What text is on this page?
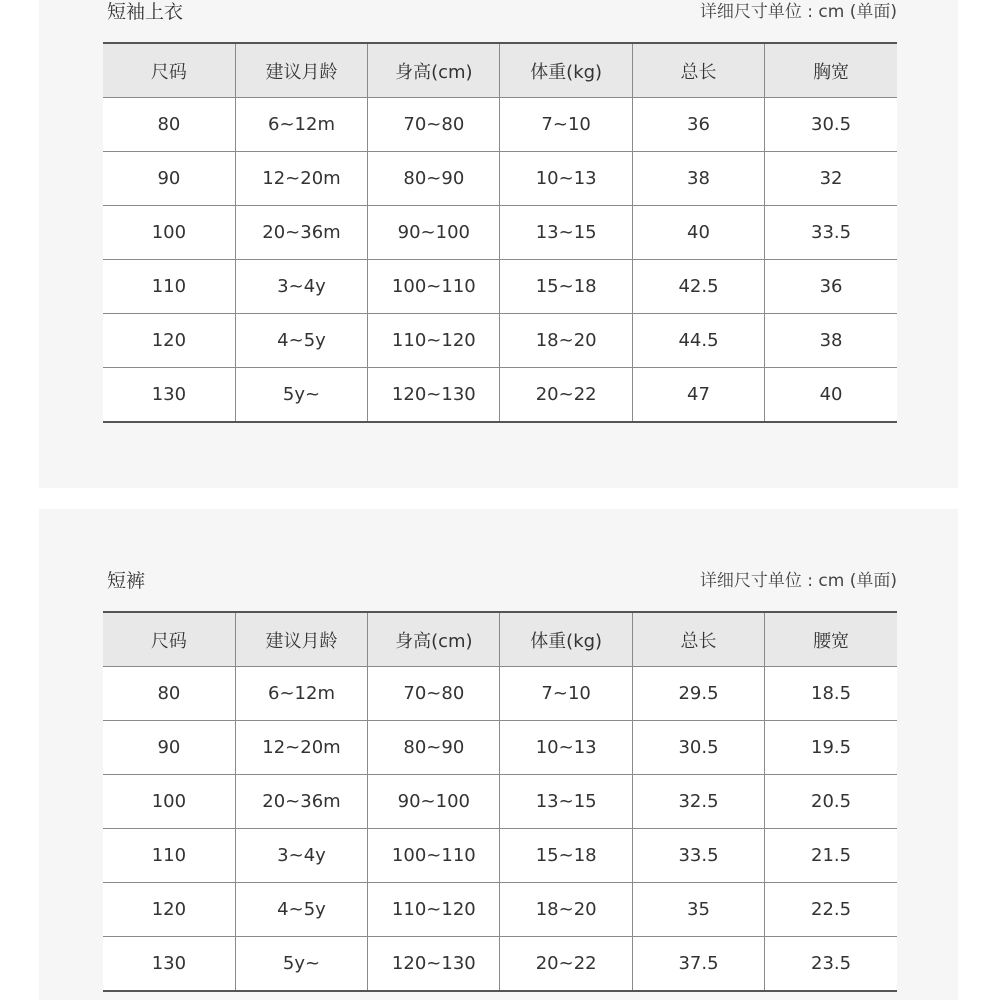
短袖上衣	详细尺寸单位 : cm (单面)
尺码	建议月龄	身高(cm)	体重(kg)	总长	胸宽
80	6~12m	70~80	7~10	36	30.5
90	12~20m	80~90	10~13	38	32
100	20~36m	90~100	13~15	40	33.5
110	3~4y	100~110	15~18	42.5	36
120	4~5y	110~120	18~20	44.5	38
130	5y~	120~130	20~22	47	40
短裤	详细尺寸单位 : cm (单面)
尺码	建议月龄	身高(cm)	体重(kg)	总长	腰宽
80	6~12m	70~80	7~10	29.5	18.5
90	12~20m	80~90	10~13	30.5	19.5
100	20~36m	90~100	13~15	32.5	20.5
110	3~4y	100~110	15~18	33.5	21.5
120	4~5y	110~120	18~20	35	22.5
130	5y~	120~130	20~22	37.5	23.5
